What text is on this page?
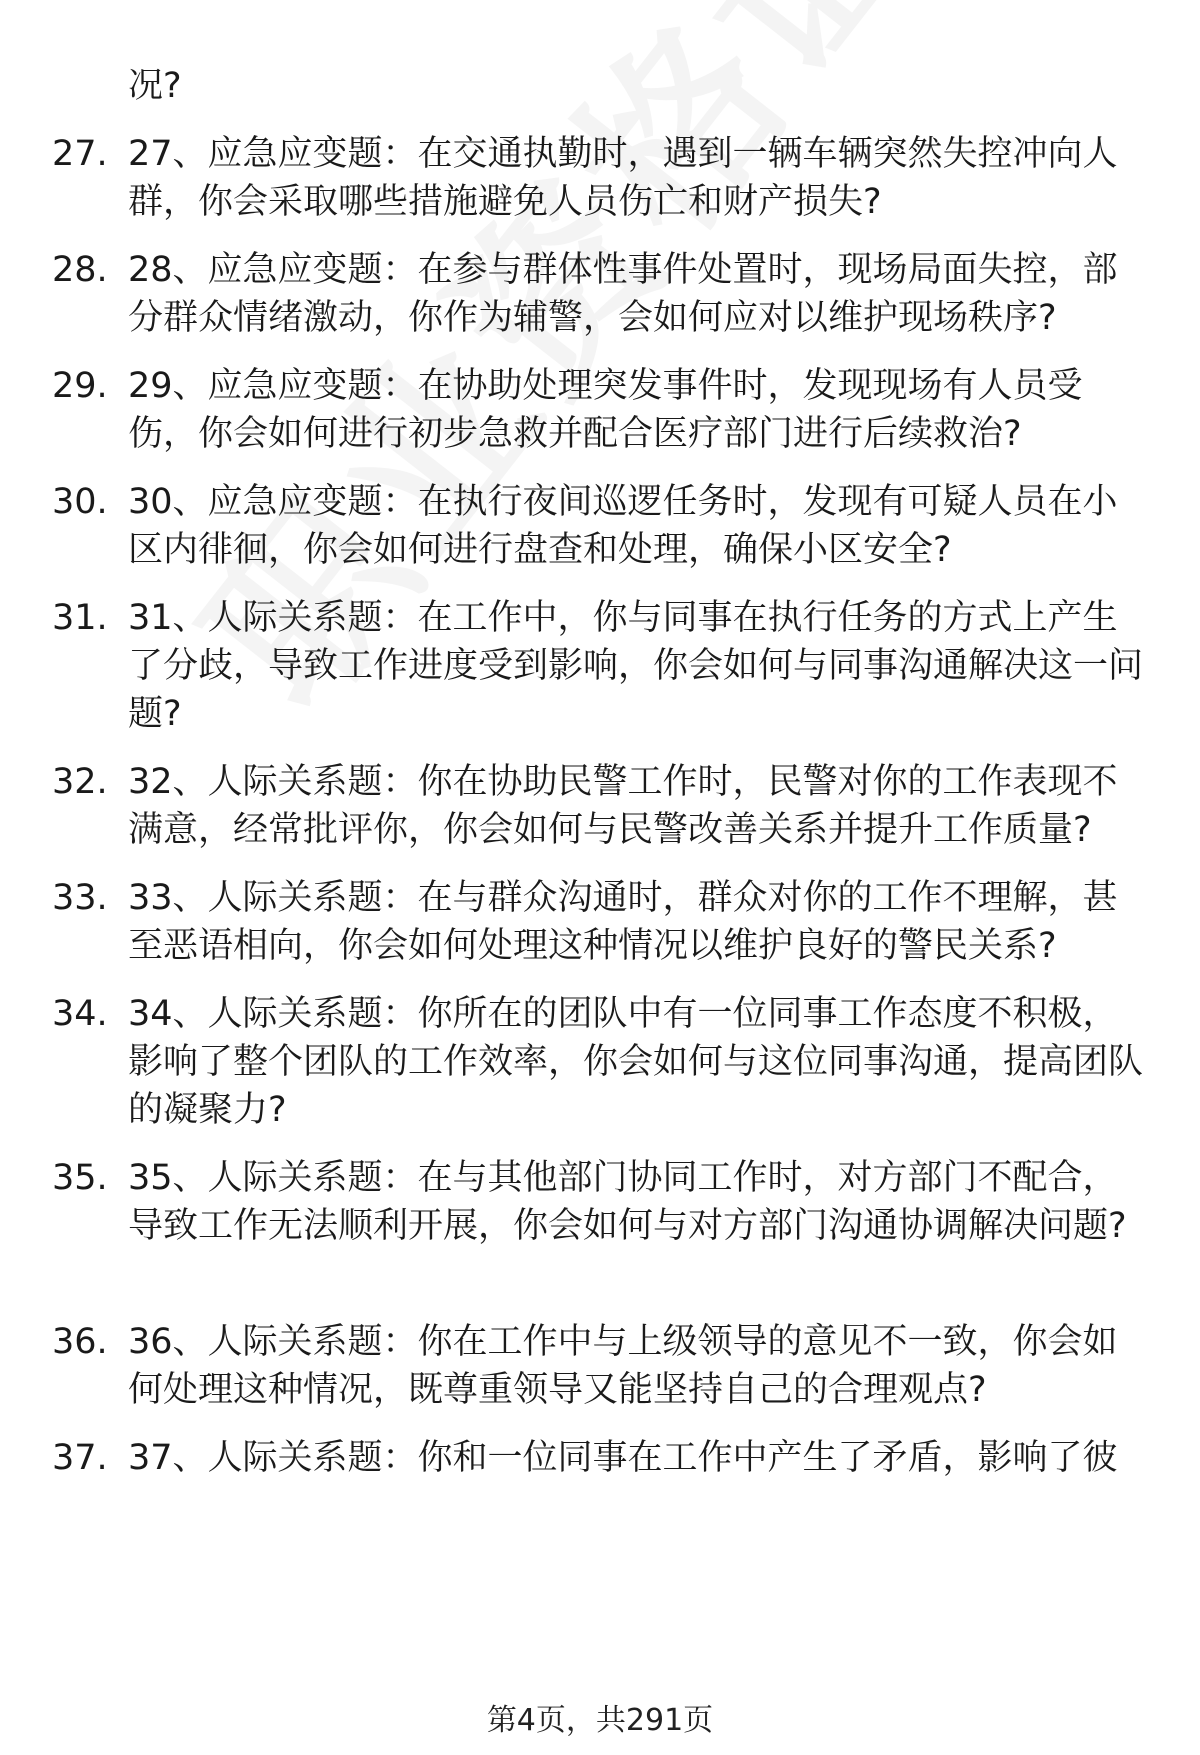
况?
27. 27、应急应变题：在交通执勤时，遇到一辆车辆突然失控冲向人群，你会采取哪些措施避免人员伤亡和财产损失?
28. 28、应急应变题：在参与群体性事件处置时，现场局面失控，部分群众情绪激动，你作为辅警，会如何应对以维护现场秩序?
29. 29、应急应变题：在协助处理突发事件时，发现现场有人员受伤，你会如何进行初步急救并配合医疗部门进行后续救治?
30. 30、应急应变题：在执行夜间巡逻任务时，发现有可疑人员在小区内徘徊，你会如何进行盘查和处理，确保小区安全?
31. 31、人际关系题：在工作中，你与同事在执行任务的方式上产生了分歧，导致工作进度受到影响，你会如何与同事沟通解决这一问题?
32. 32、人际关系题：你在协助民警工作时，民警对你的工作表现不满意，经常批评你，你会如何与民警改善关系并提升工作质量?
33. 33、人际关系题：在与群众沟通时，群众对你的工作不理解，甚至恶语相向，你会如何处理这种情况以维护良好的警民关系?
34. 34、人际关系题：你所在的团队中有一位同事工作态度不积极，影响了整个团队的工作效率，你会如何与这位同事沟通，提高团队的凝聚力?
35. 35、人际关系题：在与其他部门协同工作时，对方部门不配合，导致工作无法顺利开展，你会如何与对方部门沟通协调解决问题?
36. 36、人际关系题：你在工作中与上级领导的意见不一致，你会如何处理这种情况，既尊重领导又能坚持自己的合理观点?
37. 37、人际关系题：你和一位同事在工作中产生了矛盾，影响了彼
第4页，共291页
